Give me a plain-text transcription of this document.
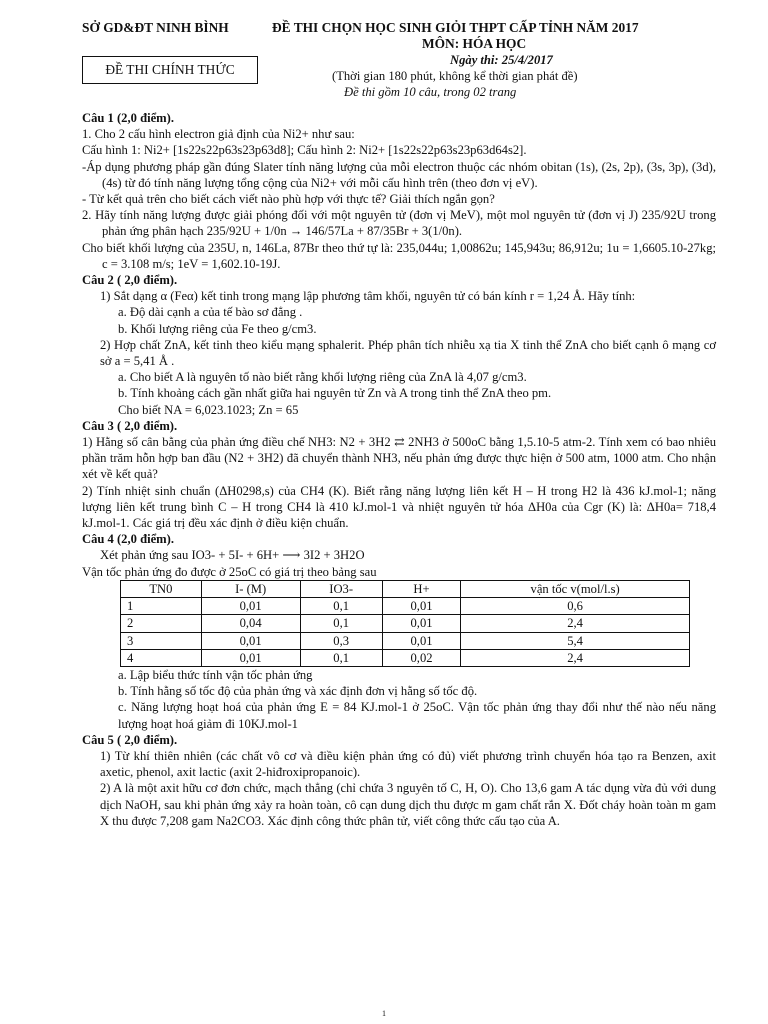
SỞ GD&ĐT NINH BÌNH	ĐỀ THI CHỌN HỌC SINH GIỎI THPT CẤP TỈNH NĂM 2017
MÔN: HÓA HỌC
Ngày thi: 25/4/2017
ĐỀ THI CHÍNH THỨC	(Thời gian 180 phút, không kể thời gian phát đề)
Đề thi gồm 10 câu, trong 02 trang
Câu 1 (2,0 điểm).

1. Cho 2 cấu hình electron giả định của Ni2+ như sau:

Cấu hình 1: Ni2+ [1s22s22p63s23p63d8]; Cấu hình 2: Ni2+ [1s22s22p63s23p63d64s2].

-Áp dụng phương pháp gần đúng Slater tính năng lượng của mỗi electron thuộc các nhóm obitan (1s), (2s, 2p), (3s, 3p), (3d), (4s) từ đó tính năng lượng tổng cộng của Ni2+ với mỗi cấu hình trên (theo đơn vị eV).

- Từ kết quả trên cho biết cách viết nào phù hợp với thực tế? Giải thích ngắn gọn?

2. Hãy tính năng lượng được giải phóng đối với một nguyên tử (đơn vị MeV), một mol nguyên tử (đơn vị J) 235/92U trong phản ứng phân hạch 235/92U + 1/0n → 146/57La + 87/35Br + 3(1/0n).

Cho biết khối lượng của 235U, n, 146La, 87Br theo thứ tự là: 235,044u; 1,00862u; 145,943u; 86,912u; 1u = 1,6605.10-27kg; c = 3.108 m/s; 1eV = 1,602.10-19J.

Câu 2 ( 2,0 điểm).

1) Sắt dạng α (Feα) kết tinh trong mạng lập phương tâm khối, nguyên tử có bán kính r = 1,24 Å. Hãy tính:

a. Độ dài cạnh a của tế bào sơ đẳng .

b. Khối lượng riêng của Fe theo g/cm3.

2) Hợp chất ZnA, kết tinh theo kiểu mạng sphalerit. Phép phân tích nhiễu xạ tia X tinh thể ZnA cho biết cạnh ô mạng cơ sở a = 5,41 Å .

a. Cho biết A là nguyên tố nào biết rằng khối lượng riêng của ZnA là 4,07 g/cm3.

b. Tính khoảng cách gần nhất giữa hai nguyên tử Zn và A trong tinh thể ZnA theo pm.

Cho biết NA = 6,023.1023; Zn = 65

Câu 3 ( 2,0 điểm).

1) Hằng số cân bằng của phản ứng điều chế NH3: N2 + 3H2 ⇄ 2NH3 ở 500oC bằng 1,5.10-5 atm-2. Tính xem có bao nhiêu phần trăm hỗn hợp ban đầu (N2 + 3H2) đã chuyển thành NH3, nếu phản ứng được thực hiện ở 500 atm, 1000 atm. Cho nhận xét về kết quả?

2) Tính nhiệt sinh chuẩn (ΔH0298,s) của CH4 (K). Biết rằng năng lượng liên kết H – H trong H2 là 436 kJ.mol-1; năng lượng liên kết trung bình C – H trong CH4 là 410 kJ.mol-1 và nhiệt nguyên tử hóa ΔH0a của Cgr (K) là: ΔH0a= 718,4 kJ.mol-1. Các giá trị đều xác định ở điều kiện chuẩn.

Câu 4 (2,0 điểm).

Xét phản ứng sau IO3- + 5I- + 6H+ ⟶ 3I2 + 3H2O

Vận tốc phản ứng đo được ở 25oC có giá trị theo bảng sau

TN0	I- (M)	IO3-	H+	vận tốc v(mol/l.s)
1	0,01	0,1	0,01	0,6
2	0,04	0,1	0,01	2,4
3	0,01	0,3	0,01	5,4
4	0,01	0,1	0,02	2,4

a. Lập biểu thức tính vận tốc phản ứng

b. Tính hằng số tốc độ của phản ứng và xác định đơn vị hằng số tốc độ.

c. Năng lượng hoạt hoá của phản ứng E = 84 KJ.mol-1 ở 25oC. Vận tốc phản ứng thay đổi như thế nào nếu năng lượng hoạt hoá giảm đi 10KJ.mol-1

Câu 5 ( 2,0 điểm).

1) Từ khí thiên nhiên (các chất vô cơ và điều kiện phản ứng có đủ) viết phương trình chuyển hóa tạo ra Benzen, axit axetic, phenol, axit lactic (axit 2-hiđroxipropanoic).

2) A là một axit hữu cơ đơn chức, mạch thẳng (chỉ chứa 3 nguyên tố C, H, O). Cho 13,6 gam A tác dụng vừa đủ với dung dịch NaOH, sau khi phản ứng xảy ra hoàn toàn, cô cạn dung dịch thu được m gam chất rắn X. Đốt cháy hoàn toàn m gam X thu được 7,208 gam Na2CO3. Xác định công thức phân tử, viết công thức cấu tạo của A.

1
